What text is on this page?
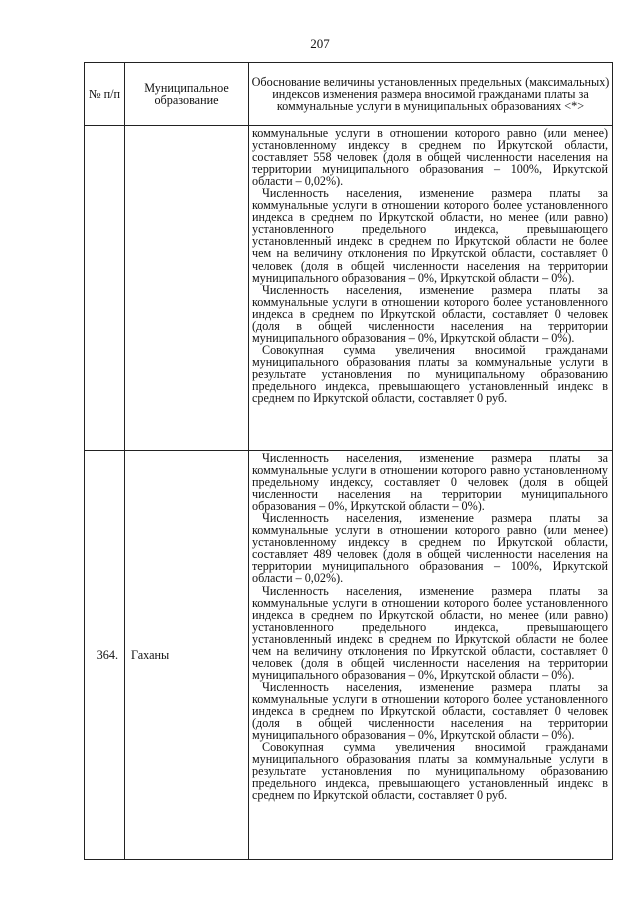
207
№ п/п	Муниципальное образование	Обоснование величины установленных предельных (максимальных) индексов изменения размера вносимой гражданами платы за коммунальные услуги в муниципальных образованиях <*>

		коммунальные услуги в отношении которого равно (или менее) установленному индексу в среднем по Иркутской области, составляет 558 человек (доля в общей численности населения на территории муниципального образования – 100%, Иркутской области – 0,02%).

Численность населения, изменение размера платы за коммунальные услуги в отношении которого более установленного индекса в среднем по Иркутской области, но менее (или равно) установленного предельного индекса, превышающего установленный индекс в среднем по Иркутской области не более чем на величину отклонения по Иркутской области, составляет 0 человек (доля в общей численности населения на территории муниципального образования – 0%, Иркутской области – 0%).

Численность населения, изменение размера платы за коммунальные услуги в отношении которого более установленного индекса в среднем по Иркутской области, составляет 0 человек (доля в общей численности населения на территории муниципального образования – 0%, Иркутской области – 0%).

Совокупная сумма увеличения вносимой гражданами муниципального образования платы за коммунальные услуги в результате установления по муниципальному образованию предельного индекса, превышающего установленный индекс в среднем по Иркутской области, составляет 0 руб.

364.	Гаханы	Численность населения, изменение размера платы за коммунальные услуги в отношении которого равно установленному предельному индексу, составляет 0 человек (доля в общей численности населения на территории муниципального образования – 0%, Иркутской области – 0%).

Численность населения, изменение размера платы за коммунальные услуги в отношении которого равно (или менее) установленному индексу в среднем по Иркутской области, составляет 489 человек (доля в общей численности населения на территории муниципального образования – 100%, Иркутской области – 0,02%).

Численность населения, изменение размера платы за коммунальные услуги в отношении которого более установленного индекса в среднем по Иркутской области, но менее (или равно) установленного предельного индекса, превышающего установленный индекс в среднем по Иркутской области не более чем на величину отклонения по Иркутской области, составляет 0 человек (доля в общей численности населения на территории муниципального образования – 0%, Иркутской области – 0%).

Численность населения, изменение размера платы за коммунальные услуги в отношении которого более установленного индекса в среднем по Иркутской области, составляет 0 человек (доля в общей численности населения на территории муниципального образования – 0%, Иркутской области – 0%).

Совокупная сумма увеличения вносимой гражданами муниципального образования платы за коммунальные услуги в результате установления по муниципальному образованию предельного индекса, превышающего установленный индекс в среднем по Иркутской области, составляет 0 руб.
